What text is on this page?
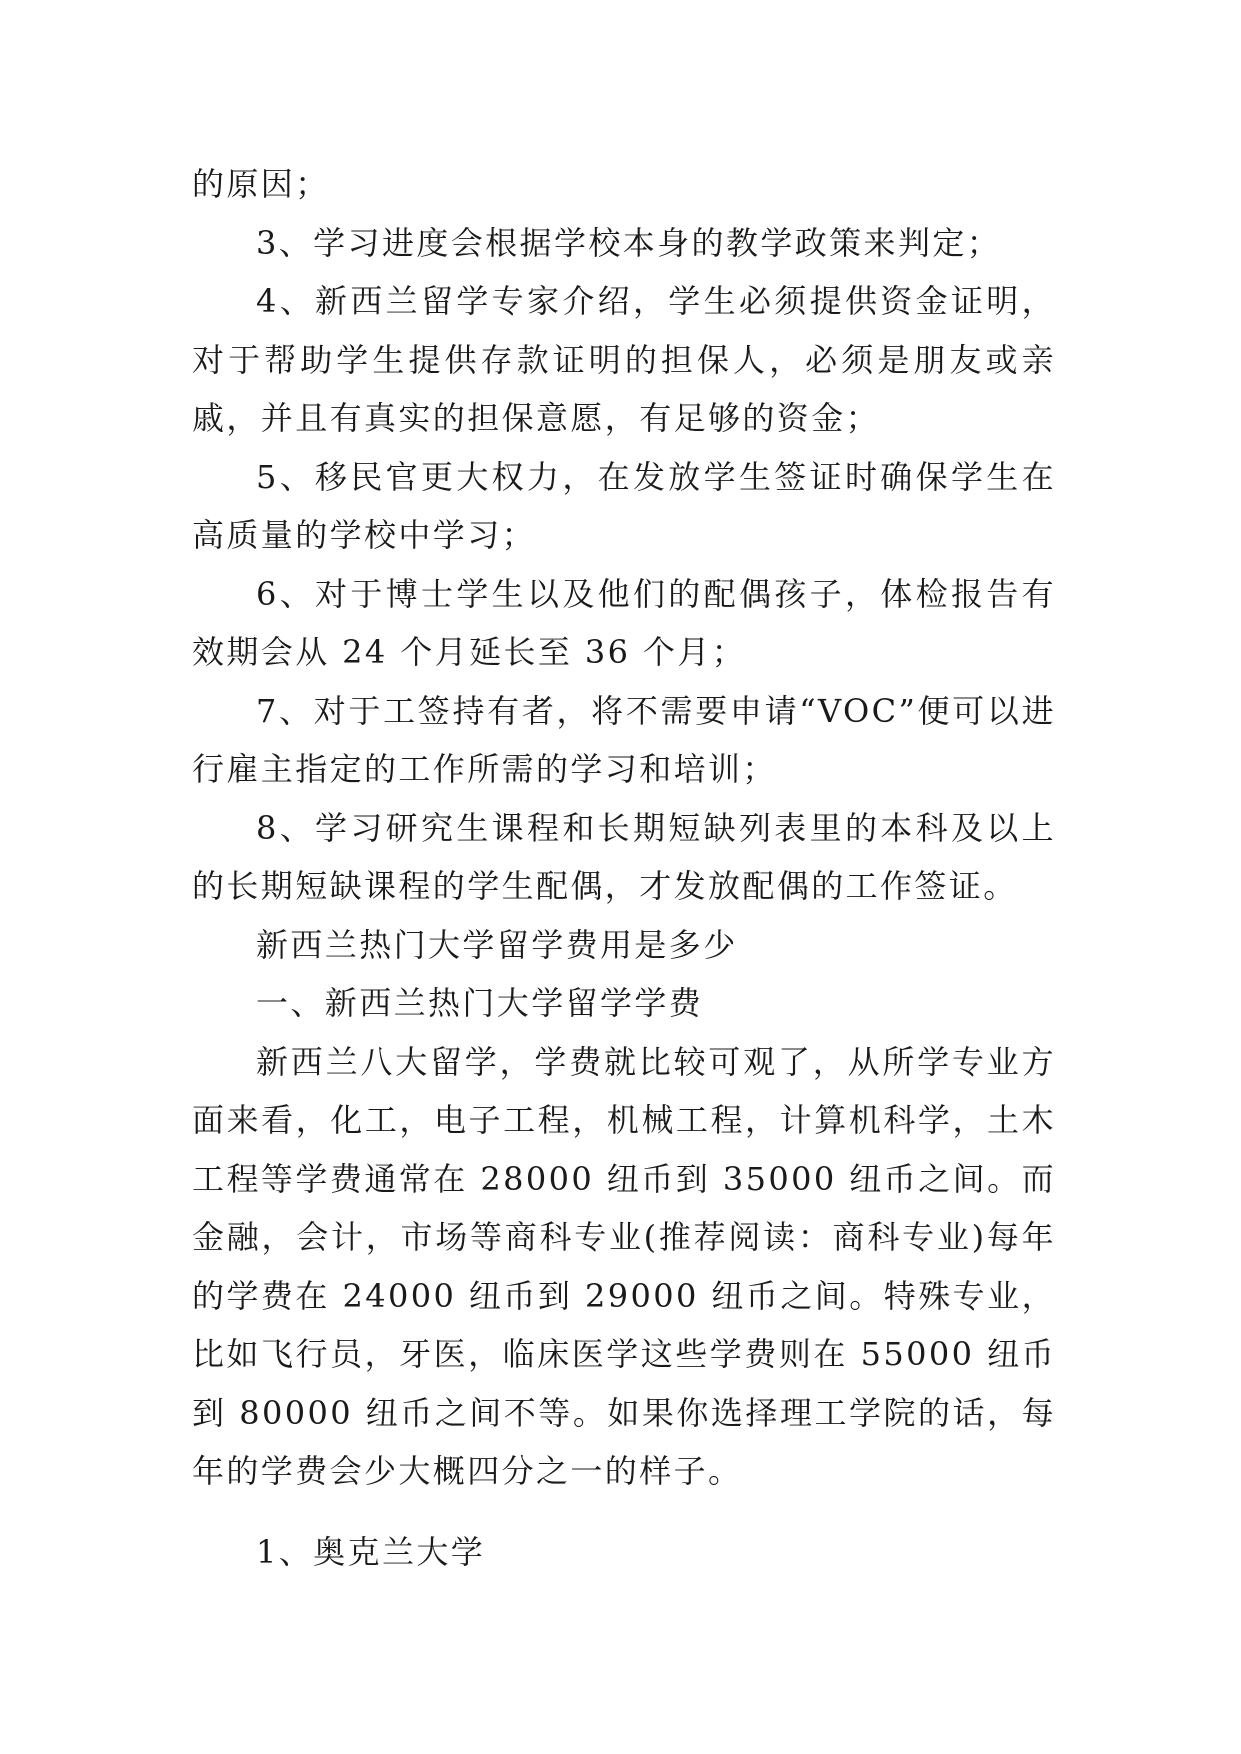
的原因；

3、学习进度会根据学校本身的教学政策来判定；

4、新西兰留学专家介绍，学生必须提供资金证明，对于帮助学生提供存款证明的担保人，必须是朋友或亲戚，并且有真实的担保意愿，有足够的资金；

5、移民官更大权力，在发放学生签证时确保学生在高质量的学校中学习；

6、对于博士学生以及他们的配偶孩子，体检报告有效期会从 24 个月延长至 36 个月；

7、对于工签持有者，将不需要申请“VOC”便可以进行雇主指定的工作所需的学习和培训；

8、学习研究生课程和长期短缺列表里的本科及以上的长期短缺课程的学生配偶，才发放配偶的工作签证。

新西兰热门大学留学费用是多少

一、新西兰热门大学留学学费

新西兰八大留学，学费就比较可观了，从所学专业方面来看，化工，电子工程，机械工程，计算机科学，土木工程等学费通常在 28000 纽币到 35000 纽币之间。而金融，会计，市场等商科专业(推荐阅读：商科专业)每年的学费在 24000 纽币到 29000 纽币之间。特殊专业，比如飞行员，牙医，临床医学这些学费则在 55000 纽币到 80000 纽币之间不等。如果你选择理工学院的话，每年的学费会少大概四分之一的样子。

1、奥克兰大学
